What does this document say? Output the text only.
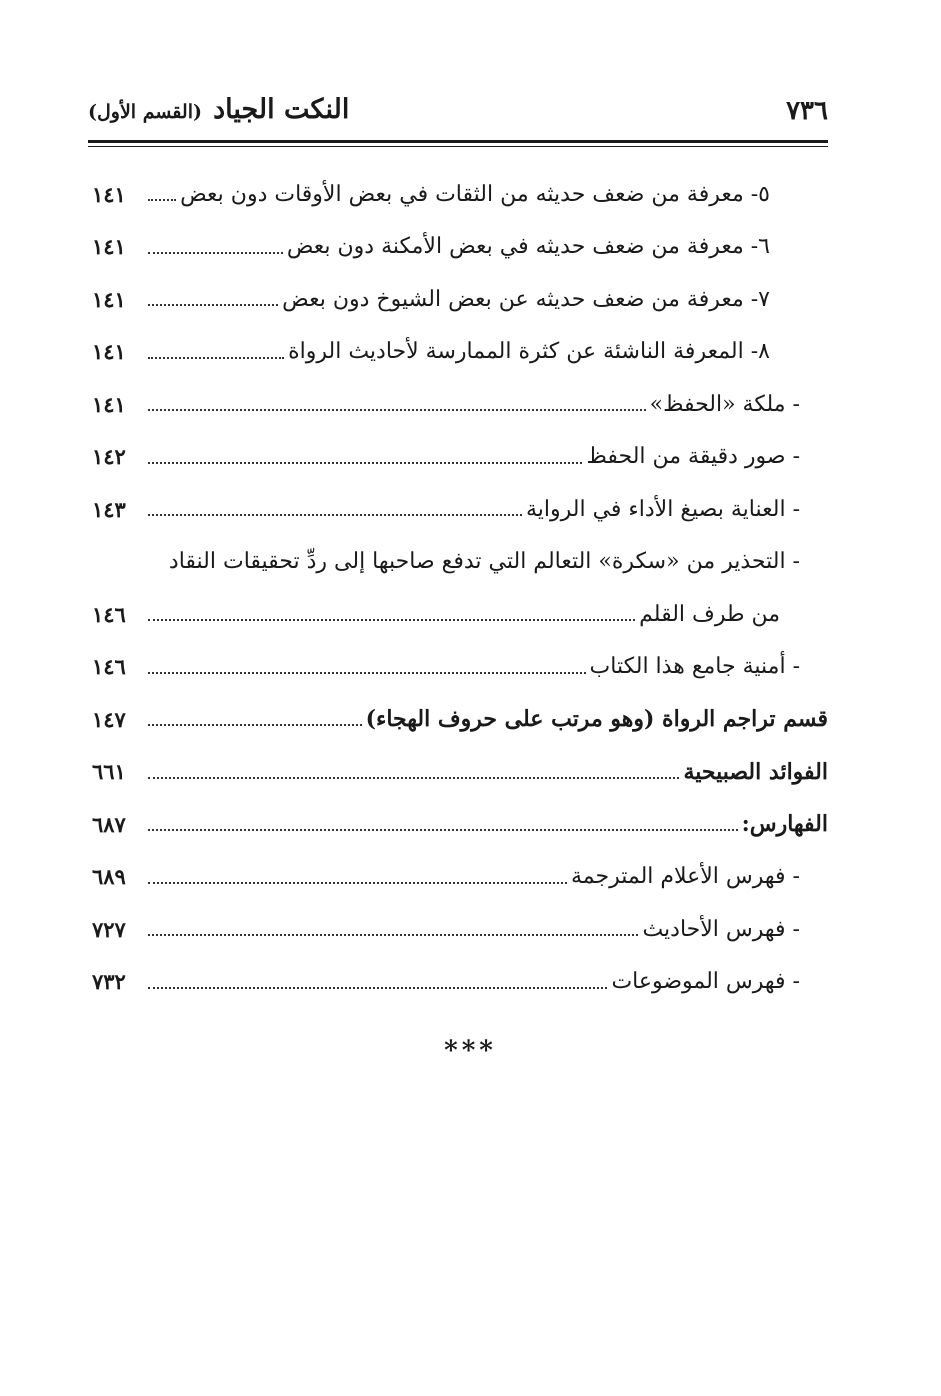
٧٣٦
النكت الجياد (القسم الأول)
٥- معرفة من ضعف حديثه من الثقات في بعض الأوقات دون بعض
١٤١
٦- معرفة من ضعف حديثه في بعض الأمكنة دون بعض
١٤١
٧- معرفة من ضعف حديثه عن بعض الشيوخ دون بعض
١٤١
٨- المعرفة الناشئة عن كثرة الممارسة لأحاديث الرواة
١٤١
- ملكة «الحفظ»
١٤١
- صور دقيقة من الحفظ
١٤٢
- العناية بصيغ الأداء في الرواية
١٤٣
- التحذير من «سكرة» التعالم التي تدفع صاحبها إلى ردِّ تحقيقات النقاد
من طرف القلم
١٤٦
- أمنية جامع هذا الكتاب
١٤٦
قسم تراجم الرواة (وهو مرتب على حروف الهجاء)
١٤٧
الفوائد الصبيحية
٦٦١
الفهارس:
٦٨٧
- فهرس الأعلام المترجمة
٦٨٩
- فهرس الأحاديث
٧٢٧
- فهرس الموضوعات
٧٣٢
***
